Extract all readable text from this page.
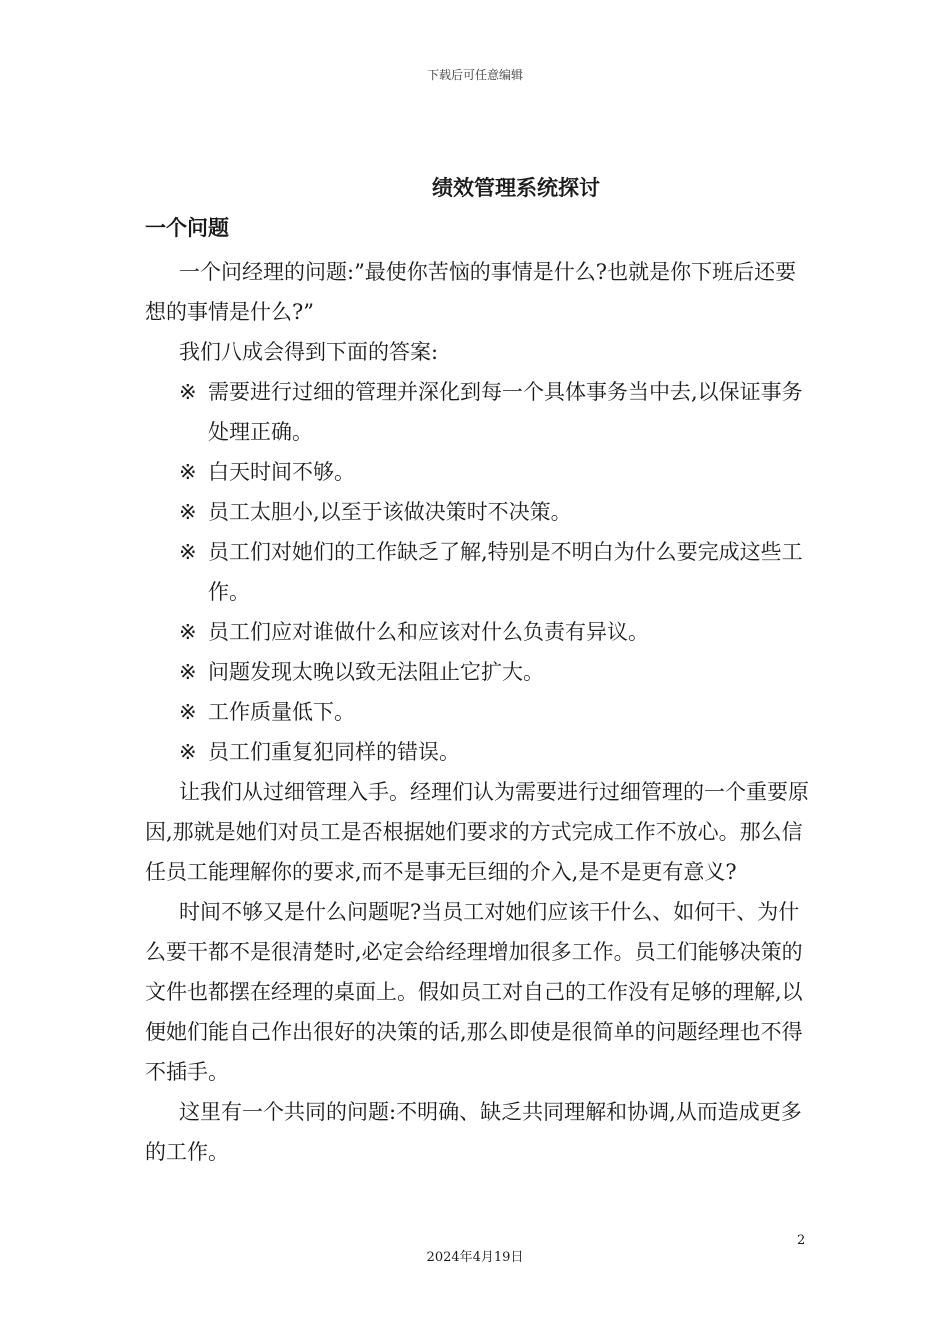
下载后可任意编辑
绩效管理系统探讨
一个问题

一个问经理的问题:”最使你苦恼的事情是什么?也就是你下班后还要想的事情是什么?”

我们八成会得到下面的答案:

※ 需要进行过细的管理并深化到每一个具体事务当中去,以保证事务处理正确。
※ 白天时间不够。
※ 员工太胆小,以至于该做决策时不决策。
※ 员工们对她们的工作缺乏了解,特别是不明白为什么要完成这些工作。
※ 员工们应对谁做什么和应该对什么负责有异议。
※ 问题发现太晚以致无法阻止它扩大。
※ 工作质量低下。
※ 员工们重复犯同样的错误。

让我们从过细管理入手。经理们认为需要进行过细管理的一个重要原因,那就是她们对员工是否根据她们要求的方式完成工作不放心。那么信任员工能理解你的要求,而不是事无巨细的介入,是不是更有意义?

时间不够又是什么问题呢?当员工对她们应该干什么、如何干、为什么要干都不是很清楚时,必定会给经理增加很多工作。员工们能够决策的文件也都摆在经理的桌面上。假如员工对自己的工作没有足够的理解,以便她们能自己作出很好的决策的话,那么即使是很简单的问题经理也不得不插手。

这里有一个共同的问题:不明确、缺乏共同理解和协调,从而造成更多的工作。

2
2024年4月19日
